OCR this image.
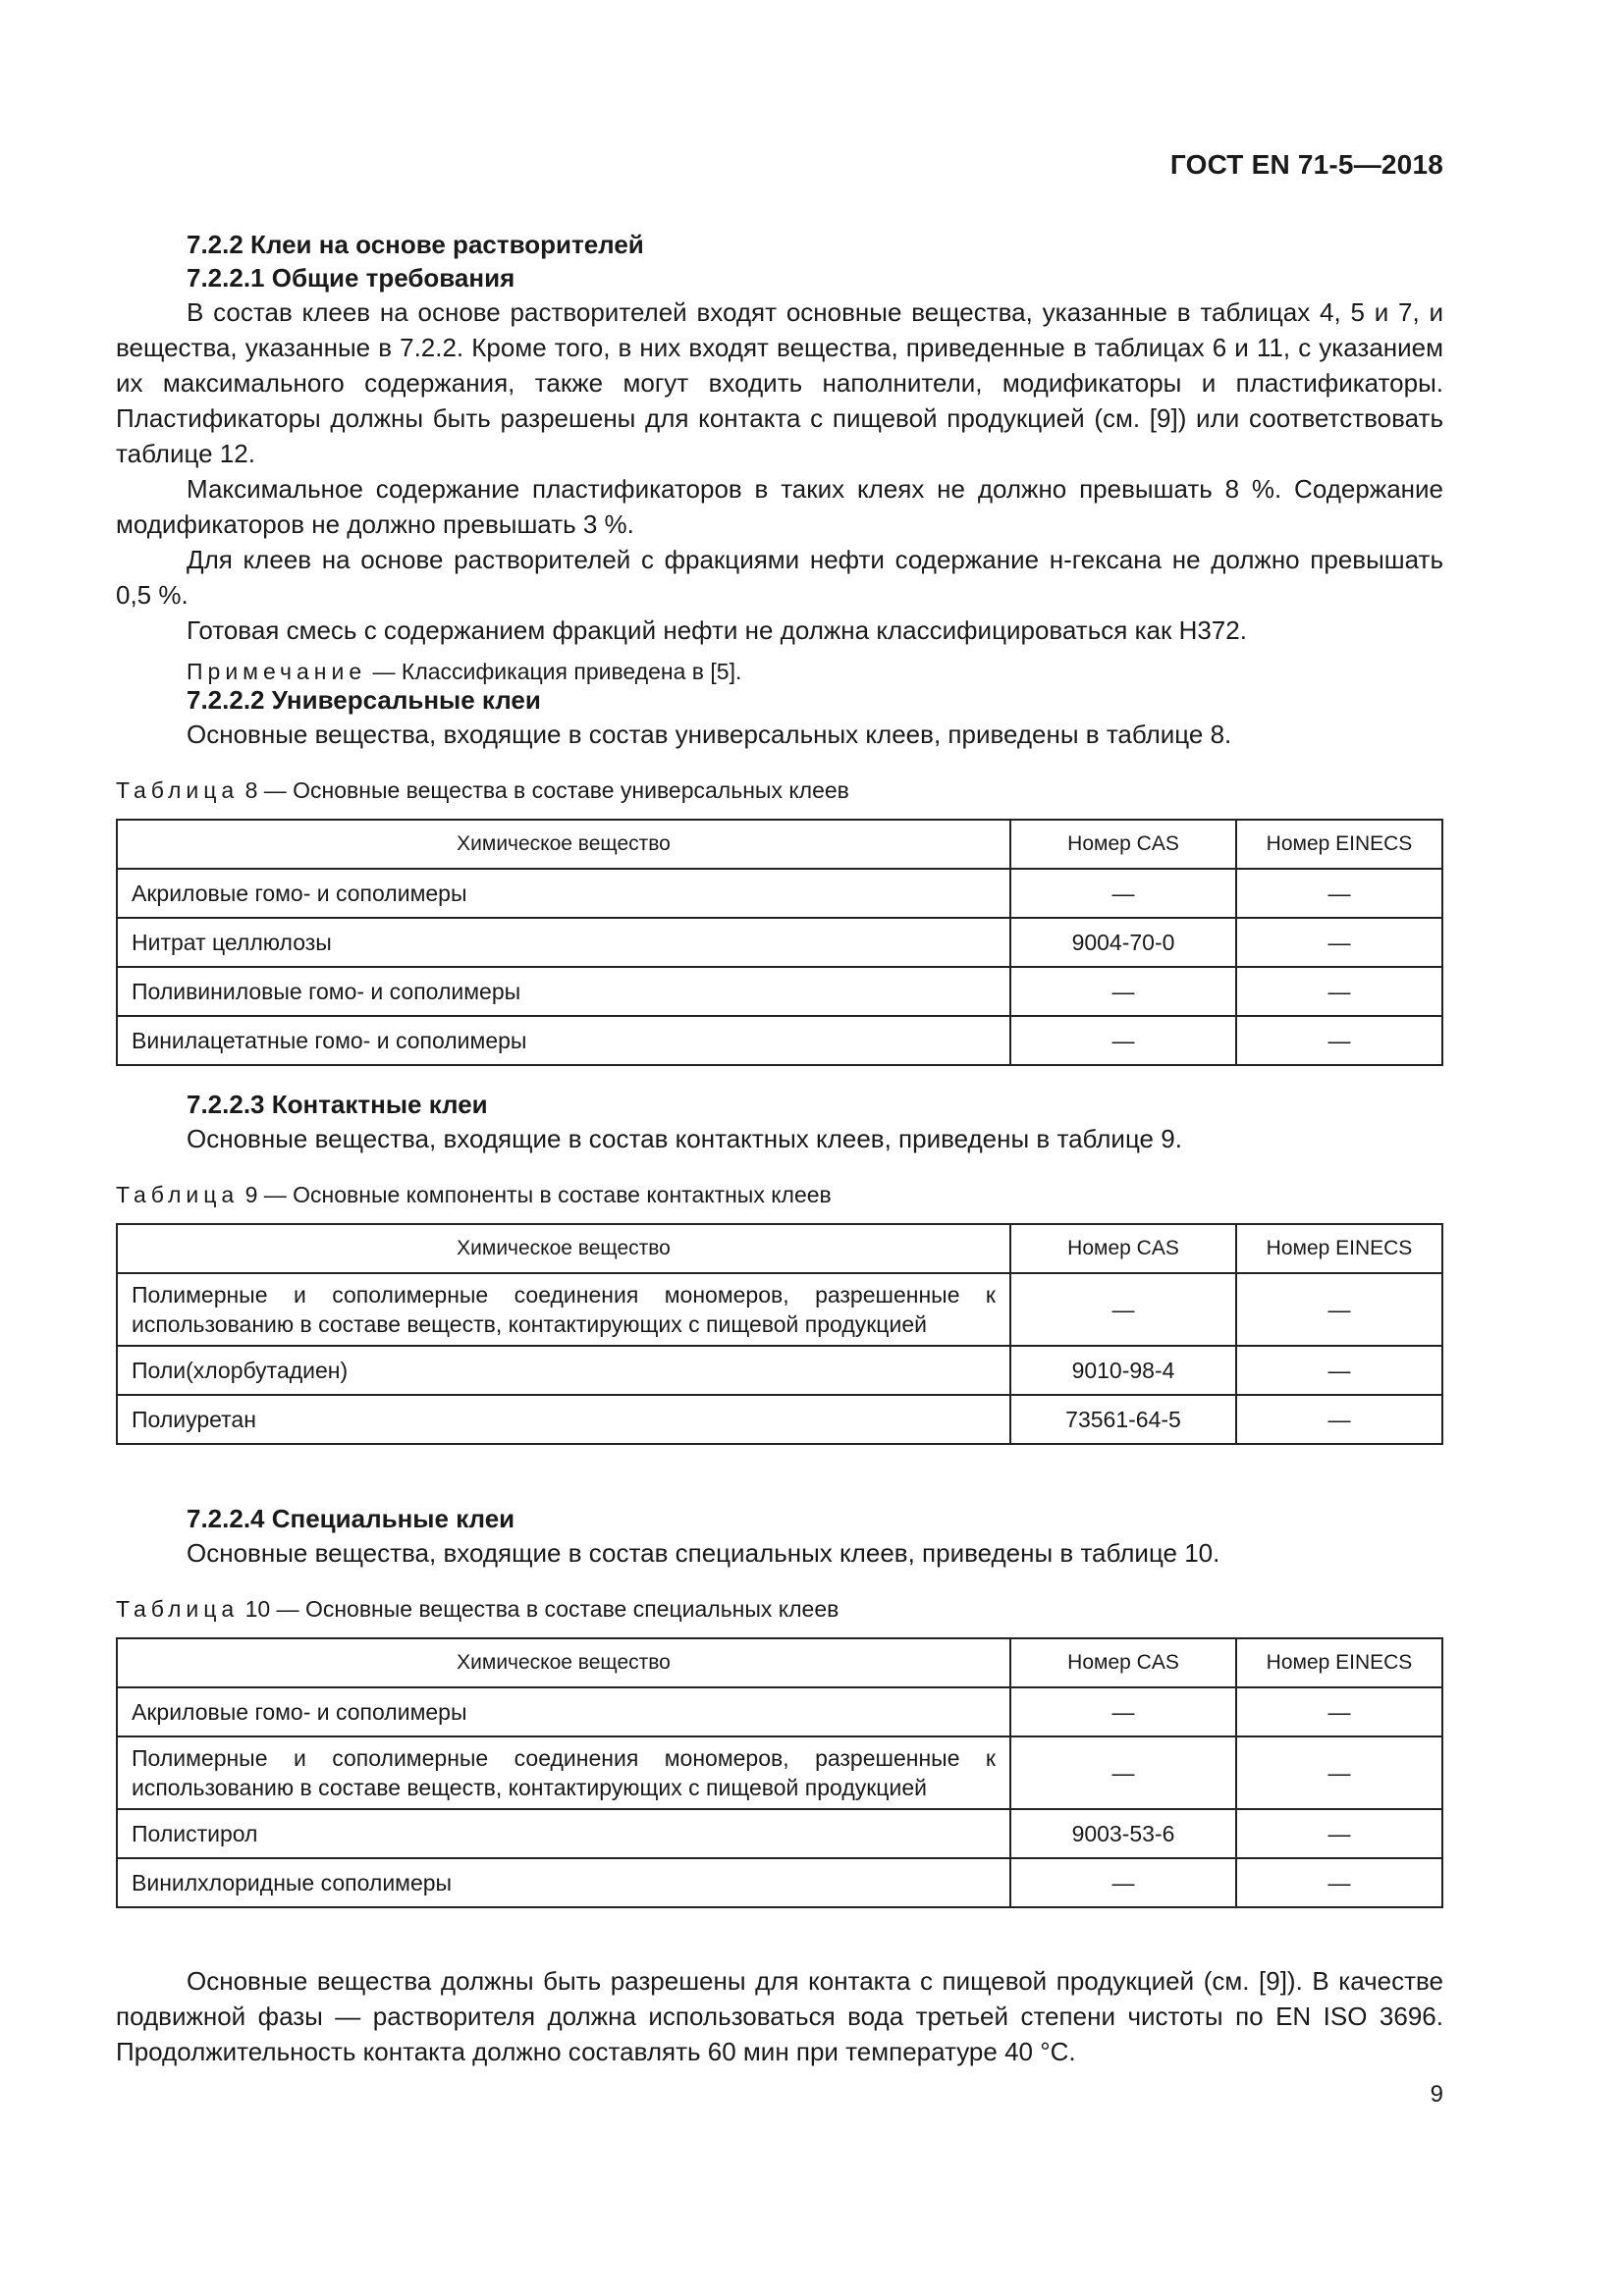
ГОСТ EN 71-5—2018
7.2.2 Клеи на основе растворителей
7.2.2.1 Общие требования

В состав клеев на основе растворителей входят основные вещества, указанные в таблицах 4, 5 и 7, и вещества, указанные в 7.2.2. Кроме того, в них входят вещества, приведенные в таблицах 6 и 11, с указанием их максимального содержания, также могут входить наполнители, модификаторы и пластификаторы. Пластификаторы должны быть разрешены для контакта с пищевой продукцией (см. [9]) или соответствовать таблице 12.

Максимальное содержание пластификаторов в таких клеях не должно превышать 8 %. Содержание модификаторов не должно превышать 3 %.

Для клеев на основе растворителей с фракциями нефти содержание н-гексана не должно превышать 0,5 %.

Готовая смесь с содержанием фракций нефти не должна классифицироваться как H372.

Примечание — Классификация приведена в [5].
7.2.2.2 Универсальные клеи

Основные вещества, входящие в состав универсальных клеев, приведены в таблице 8.

Таблица 8 — Основные вещества в составе универсальных клеев
Химическое вещество	Номер CAS	Номер EINECS
Акриловые гомо- и сополимеры	—	—
Нитрат целлюлозы	9004-70-0	—
Поливиниловые гомо- и сополимеры	—	—
Винилацетатные гомо- и сополимеры	—	—
7.2.2.3 Контактные клеи

Основные вещества, входящие в состав контактных клеев, приведены в таблице 9.

Таблица 9 — Основные компоненты в составе контактных клеев
Химическое вещество	Номер CAS	Номер EINECS

Полимерные и сополимерные соединения мономеров, разрешенные к использованию в составе веществ, контактирующих с пищевой продукцией	—	—
Поли(хлорбутадиен)	9010-98-4	—
Полиуретан	73561-64-5	—
7.2.2.4 Специальные клеи

Основные вещества, входящие в состав специальных клеев, приведены в таблице 10.

Таблица 10 — Основные вещества в составе специальных клеев
Химическое вещество	Номер CAS	Номер EINECS
Акриловые гомо- и сополимеры	—	—

Полимерные и сополимерные соединения мономеров, разрешенные к использованию в составе веществ, контактирующих с пищевой продукцией	—	—
Полистирол	9003-53-6	—
Винилхлоридные сополимеры	—	—

Основные вещества должны быть разрешены для контакта с пищевой продукцией (см. [9]). В качестве подвижной фазы — растворителя должна использоваться вода третьей степени чистоты по EN ISO 3696. Продолжительность контакта должно составлять 60 мин при температуре 40 °C.

9
